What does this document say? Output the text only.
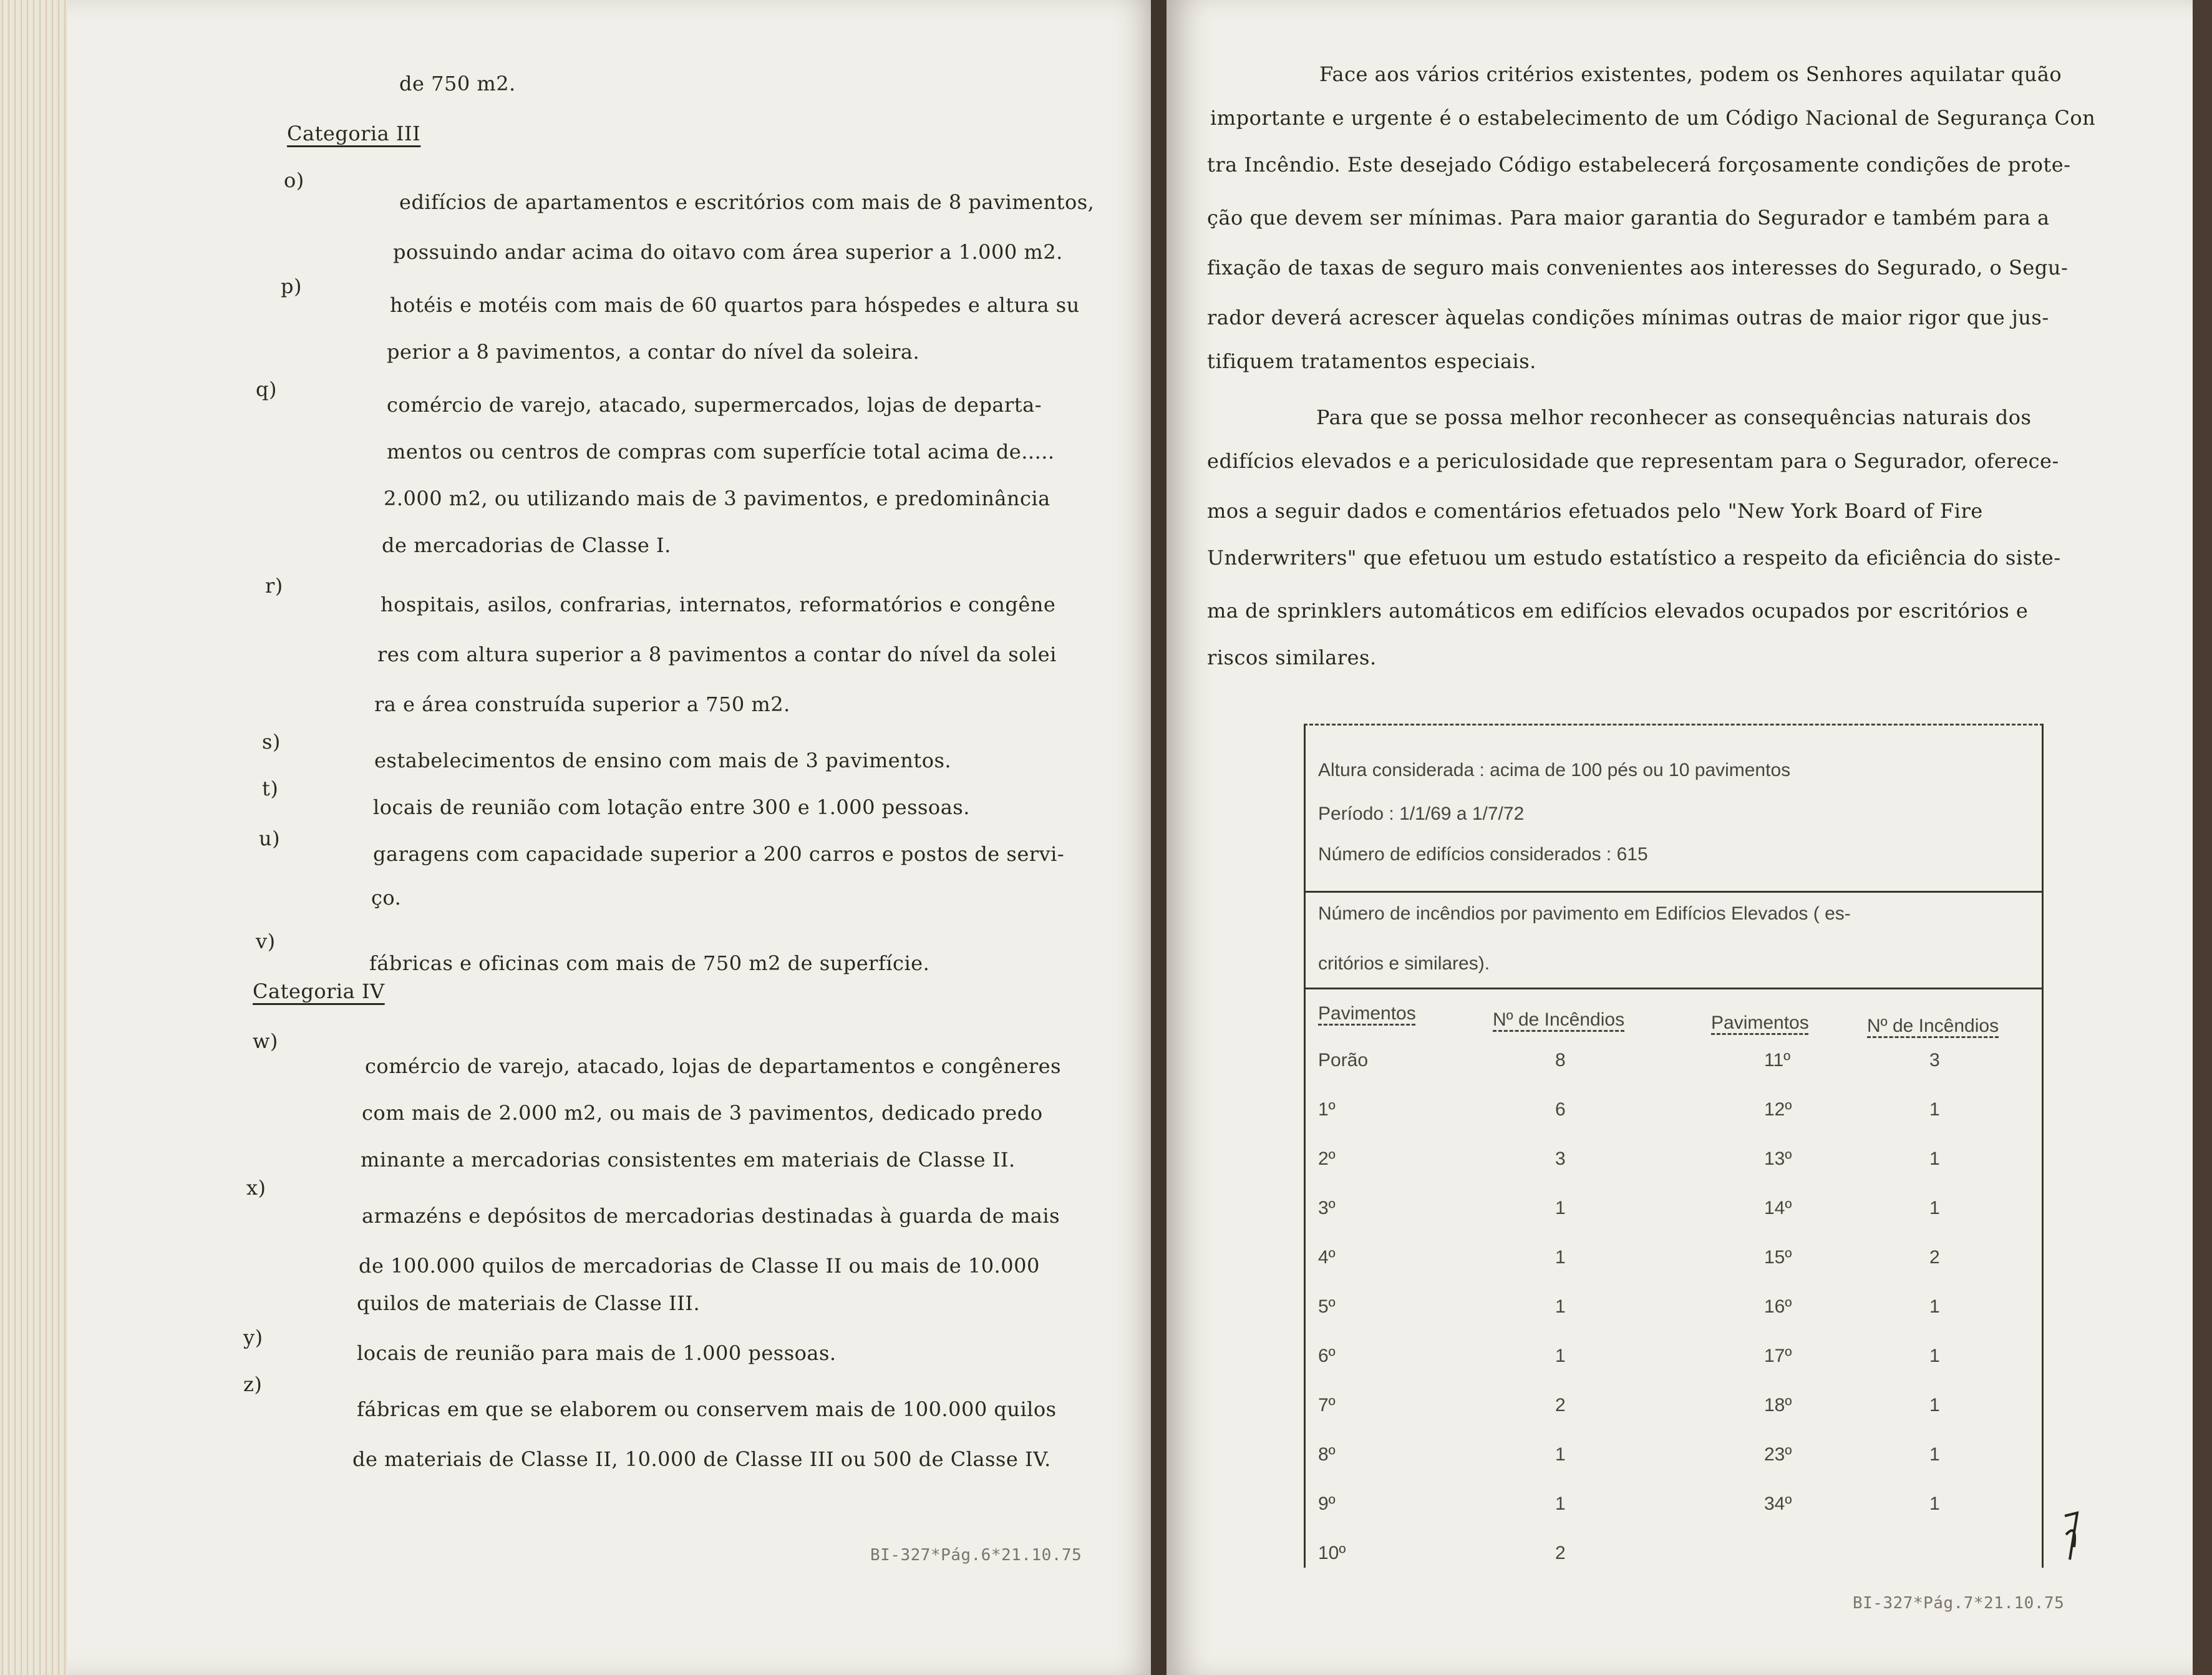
de 750 m2.
Categoria III
o)
edifícios de apartamentos e escritórios com mais de 8 pavimentos,
possuindo andar acima do oitavo com área superior a 1.000 m2.
p)
hotéis e motéis com mais de 60 quartos para hóspedes e altura su
perior a 8 pavimentos, a contar do nível da soleira.
q)
comércio de varejo, atacado, supermercados, lojas de departa-
mentos ou centros de compras com superfície total acima de.....
2.000 m2, ou utilizando mais de 3 pavimentos, e predominância
de mercadorias de Classe I.
r)
hospitais, asilos, confrarias, internatos, reformatórios e congêne
res com altura superior a 8 pavimentos a contar do nível da solei
ra e área construída superior a 750 m2.
s)
estabelecimentos de ensino com mais de 3 pavimentos.
t)
locais de reunião com lotação entre 300 e 1.000 pessoas.
u)
garagens com capacidade superior a 200 carros e postos de servi-
ço.
v)
fábricas e oficinas com mais de 750 m2 de superfície.
Categoria IV
w)
comércio de varejo, atacado, lojas de departamentos e congêneres
com mais de 2.000 m2, ou mais de 3 pavimentos, dedicado predo
minante a mercadorias consistentes em materiais de Classe II.
x)
armazéns e depósitos de mercadorias destinadas à guarda de mais
de 100.000 quilos de mercadorias de Classe II ou mais de 10.000
quilos de materiais de Classe III.
y)
locais de reunião para mais de 1.000 pessoas.
z)
fábricas em que se elaborem ou conservem mais de 100.000 quilos
de materiais de Classe II, 10.000 de Classe III ou 500 de Classe IV.
BI-327*Pág.6*21.10.75
Face aos vários critérios existentes, podem os Senhores aquilatar quão
importante e urgente é o estabelecimento de um Código Nacional de Segurança Con
tra Incêndio. Este desejado Código estabelecerá forçosamente condições de prote-
ção que devem ser mínimas. Para maior garantia do Segurador e também para a
fixação de taxas de seguro mais convenientes aos interesses do Segurado, o Segu-
rador deverá acrescer àquelas condições mínimas outras de maior rigor que jus-
tifiquem tratamentos especiais.
Para que se possa melhor reconhecer as consequências naturais dos
edifícios elevados e a periculosidade que representam para o Segurador, oferece-
mos a seguir dados e comentários efetuados pelo "New York Board of Fire
Underwriters" que efetuou um estudo estatístico a respeito da eficiência do siste-
ma de sprinklers automáticos em edifícios elevados ocupados por escritórios e
riscos similares.
Altura considerada : acima de 100 pés ou 10 pavimentos
Período : 1/1/69 a 1/7/72
Número de edifícios considerados : 615
Número de incêndios por pavimento em Edifícios Elevados ( es-
critórios e similares).
Pavimentos	Nº de Incêndios	Pavimentos	Nº de Incêndios
Porão	8	11º	3
1º	6	12º	1
2º	3	13º	1
3º	1	14º	1
4º	1	15º	2
5º	1	16º	1
6º	1	17º	1
7º	2	18º	1
8º	1	23º	1
9º	1	34º	1
10º	2
BI-327*Pág.7*21.10.75
